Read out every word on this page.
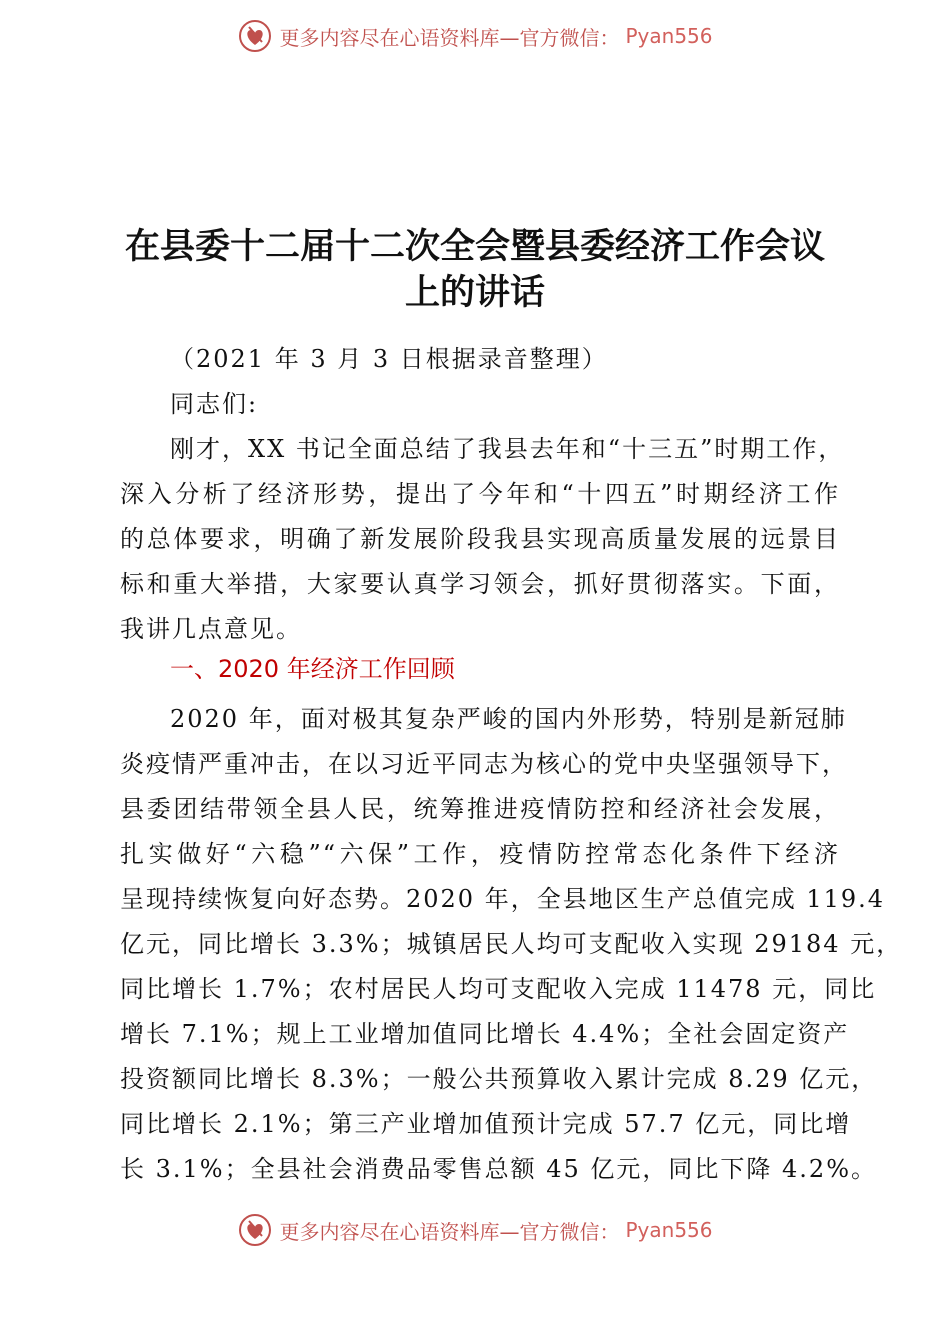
更多内容尽在心语资料库—官方微信： Pyan556
在县委十二届十二次全会暨县委经济工作会议
上的讲话
（2021 年 3 月 3 日根据录音整理）
同志们:
刚才，XX 书记全面总结了我县去年和“十三五”时期工作，
深入分析了经济形势，提出了今年和“十四五”时期经济工作
的总体要求，明确了新发展阶段我县实现高质量发展的远景目
标和重大举措，大家要认真学习领会，抓好贯彻落实。下面，
我讲几点意见。
一、2020 年经济工作回顾
2020 年，面对极其复杂严峻的国内外形势，特别是新冠肺
炎疫情严重冲击，在以习近平同志为核心的党中央坚强领导下，
县委团结带领全县人民，统筹推进疫情防控和经济社会发展，
扎实做好“六稳”“六保”工作，疫情防控常态化条件下经济
呈现持续恢复向好态势。2020 年，全县地区生产总值完成 119.4
亿元，同比增长 3.3%；城镇居民人均可支配收入实现 29184 元，
同比增长 1.7%；农村居民人均可支配收入完成 11478 元，同比
增长 7.1%；规上工业增加值同比增长 4.4%；全社会固定资产
投资额同比增长 8.3%；一般公共预算收入累计完成 8.29 亿元，
同比增长 2.1%；第三产业增加值预计完成 57.7 亿元，同比增
长 3.1%；全县社会消费品零售总额 45 亿元，同比下降 4.2%。
更多内容尽在心语资料库—官方微信： Pyan556
